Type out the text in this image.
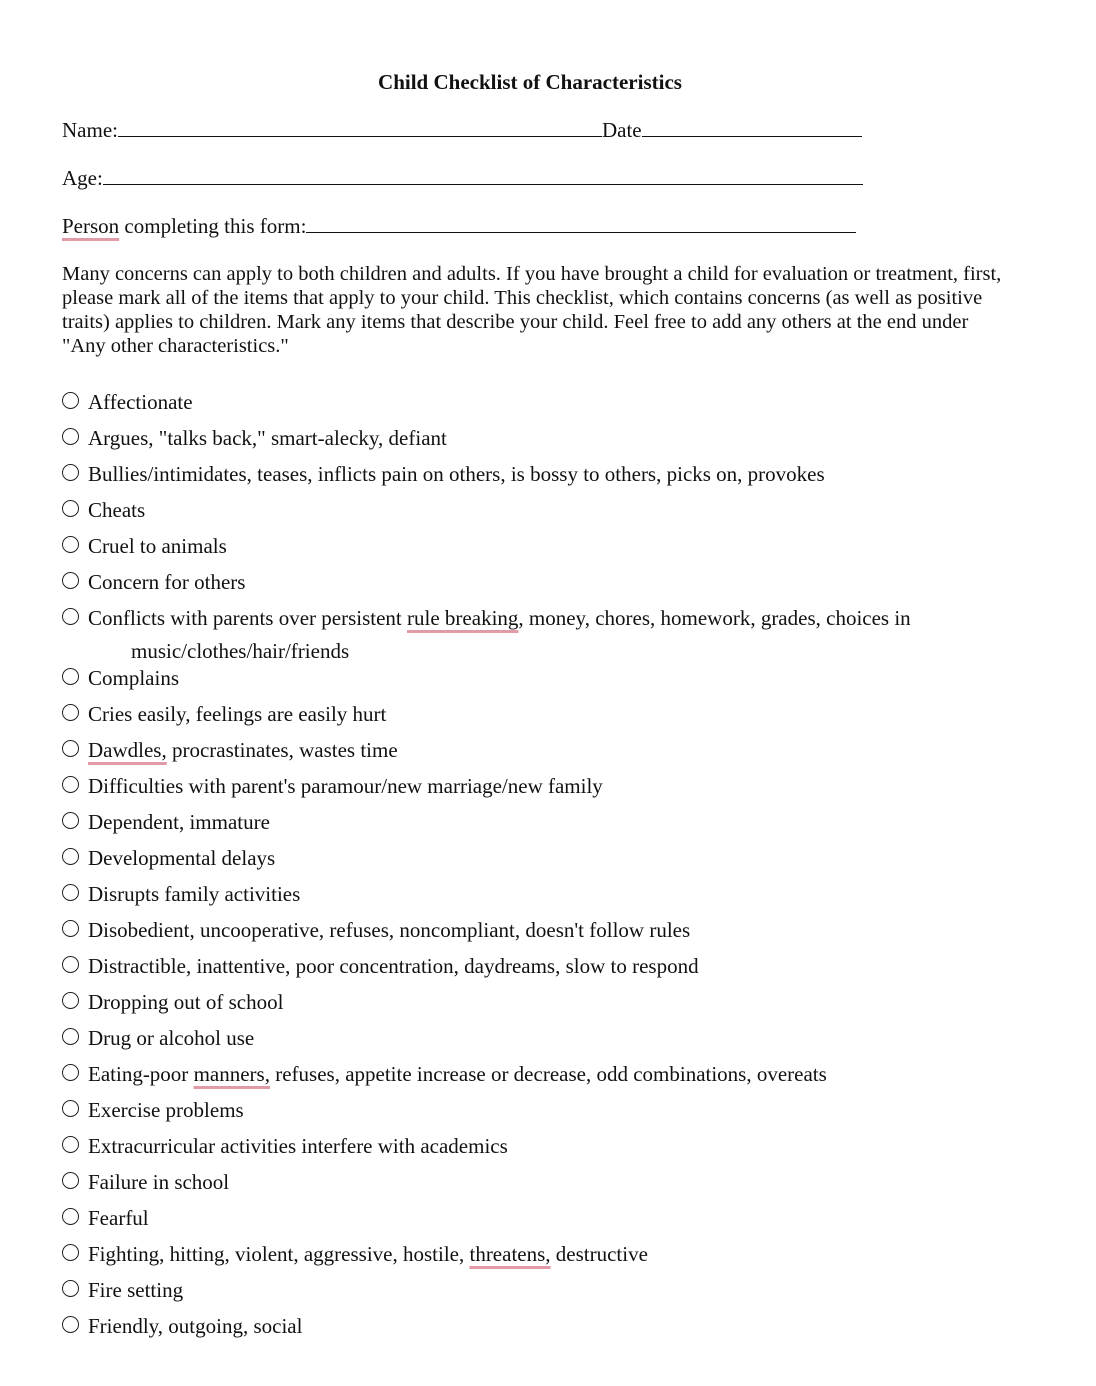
Child Checklist of Characteristics
Name:	Date
Age:
Person completing this form:
Many concerns can apply to both children and adults. If you have brought a child for evaluation or treatment, first, please mark all of the items that apply to your child. This checklist, which contains concerns (as well as positive traits) applies to children. Mark any items that describe your child. Feel free to add any others at the end under "Any other characteristics."
Affectionate
Argues, "talks back," smart-alecky, defiant
Bullies/intimidates, teases, inflicts pain on others, is bossy to others, picks on, provokes
Cheats
Cruel to animals
Concern for others
Conflicts with parents over persistent rule breaking, money, chores, homework, grades, choices in
music/clothes/hair/friends
Complains
Cries easily, feelings are easily hurt
Dawdles, procrastinates, wastes time
Difficulties with parent's paramour/new marriage/new family
Dependent, immature
Developmental delays
Disrupts family activities
Disobedient, uncooperative, refuses, noncompliant, doesn't follow rules
Distractible, inattentive, poor concentration, daydreams, slow to respond
Dropping out of school
Drug or alcohol use
Eating-poor manners, refuses, appetite increase or decrease, odd combinations, overeats
Exercise problems
Extracurricular activities interfere with academics
Failure in school
Fearful
Fighting, hitting, violent, aggressive, hostile, threatens, destructive
Fire setting
Friendly, outgoing, social
